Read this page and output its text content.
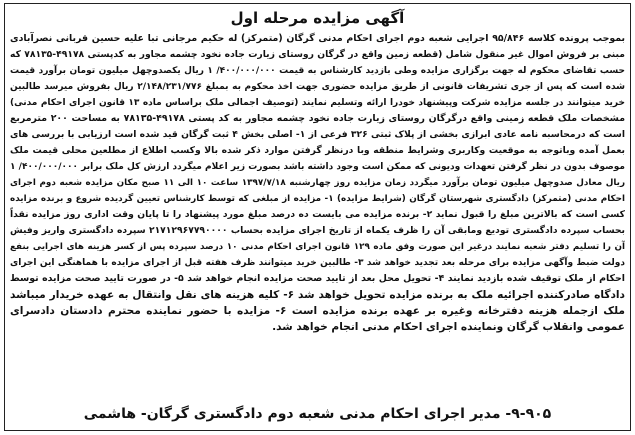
آگهی مزایده مرحله اول
بموجب پرونده کلاسه ۹۵/۸۴۶ اجرایی شعبه دوم اجرای احکام مدنی گرگان (متمرکز) له حکیم مرجانی تبا علیه حسین قربانی نصرآبادی
مبنی بر فروش اموال غیر منقول شامل (قطعه زمین واقع در گرگان روستای زیارت جاده نخود چشمه مجاور به کدپستی ۴۹۱۷۸-۷۸۱۳۵ که
حسب تقاضای محکوم له جهت برگزاری مزایده وطی بازدید کارشناس به قیمت ۴۰۰/۰۰۰/۰۰۰/ ۱ ریال یکصدوچهل میلیون تومان برآورد قیمت
شده است که پس از جری تشریفات قانونی از طریق مزایده حضوری جهت اخذ محکوم به بمبلغ ۲/۱۴۸/۲۳۱/۷۷۶ ریال بفروش میرسد طالبین
خرید میتوانند در جلسه مزایده شرکت وپیشنهاد خودرا ارائه وتسلیم نمایند (توصیف اجمالی ملک براساس ماده ۱۳ قانون اجرای احکام مدنی)
مشخصات ملک قطعه زمینی واقع درگرگان روستای زیارت جاده نخود چشمه مجاور به کد پستی ۴۹۱۷۸-۷۸۱۳۵ به مساحت ۲۰۰ مترمربع
است که درمحاسبه نامه عادی ابرازی بخشی از پلاک ثبتی ۳۲۶ فرعی از ۱- اصلی بخش ۴ ثبت گرگان قید شده است ارزیابی با بررسی های
بعمل آمده وباتوجه به موقعیت وکاربری وشرایط منطقه وبا درنظر گرفتن موارد ذکر شده بالا وکسب اطلاع از مطلعین محلی قیمت ملک
موصوف بدون در نظر گرفتن تعهدات ودیونی که ممکن است وجود داشته باشد بصورت زیر اعلام میگردد ارزش کل ملک برابر ۴۰۰/۰۰۰/۰۰۰/ ۱
ریال معادل صدوچهل میلیون تومان برآورد میگردد زمان مزایده روز چهارشنبه ۱۳۹۷/۷/۱۸ ساعت ۱۰ الی ۱۱ صبح مکان مزایده شعبه دوم اجرای
احکام مدنی (متمرکز) دادگستری شهرستان گرگان (شرایط مزایده) ۱- مزایده از مبلغی که توسط کارشناس تعیین گردیده شروع و برنده مزایده
کسی است که بالاترین مبلغ را قبول نماید ۲- برنده مزایده می بایست ده درصد مبلغ مورد پیشنهاد را تا پایان وقت اداری روز مزایده نقداً
بحساب سپرده دادگستری تودیع ومابقی آن را ظرف یکماه از تاریخ اجرای مزایده بحساب ۲۱۷۱۲۹۶۷۷۹۰۰۰۰ سپرده دادگستری واریز وفیش
آن را تسلیم دفتر شعبه نمایند درغیر این صورت وفق ماده ۱۲۹ قانون اجرای احکام مدنی ۱۰ درصد سپرده پس از کسر هزینه های اجرایی بنفع
دولت ضبط وآگهی مزایده برای مرحله بعد تجدید خواهد شد ۳- طالبین خرید میتوانند ظرف هفته قبل از اجرای مزایده با هماهنگی این اجرای
احکام از ملک توقیف شده بازدید نمایند ۴- تحویل محل بعد از تایید صحت مزایده انجام خواهد شد ۵- در صورت تایید صحت مزایده توسط
دادگاه صادرکننده اجرائیه ملک به برنده مزایده تحویل خواهد شد ۶- کلیه هزینه های نقل وانتقال به عهده خریدار میباشد
ملک ازجمله هزینه دفترخانه وغیره بر عهده برنده مزایده است ۶- مزایده با حضور نماینده محترم دادستان دادسرای
عمومی وانقلاب گرگان ونماینده اجرای احکام مدنی انجام خواهد شد.
۹-۹۰۵- مدیر اجرای احکام مدنی شعبه دوم دادگستری گرگان- هاشمی
